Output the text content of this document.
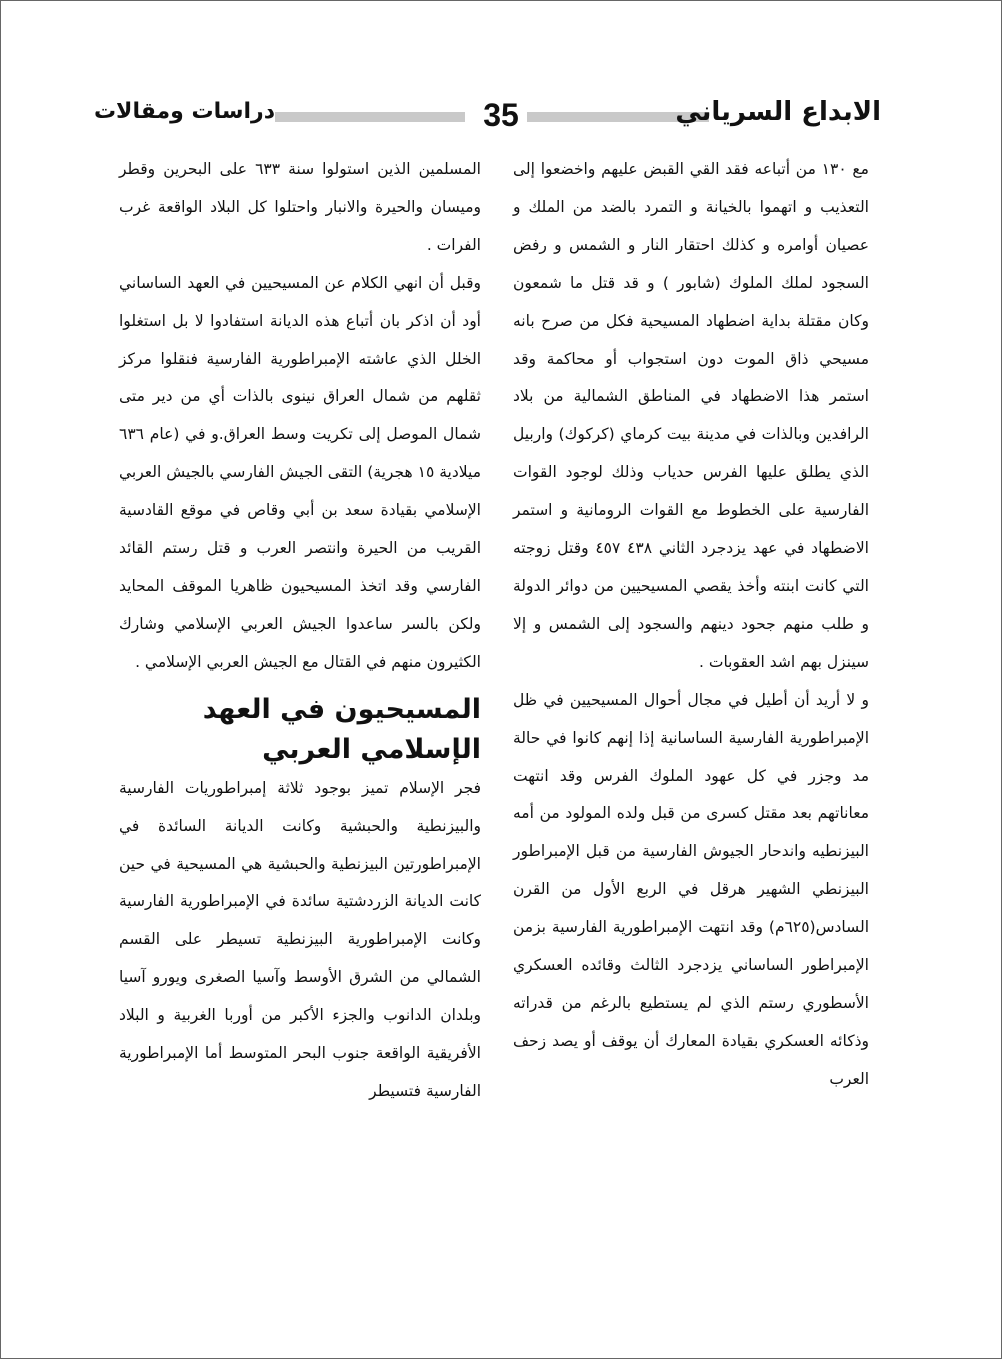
الابداع السرياني
35
دراسات ومقالات

مع ١٣٠ من أتباعه فقد القي القبض عليهم واخضعوا إلى التعذيب و اتهموا بالخيانة و التمرد بالضد من الملك و عصيان أوامره و كذلك احتقار النار و الشمس و رفض السجود لملك الملوك (شابور ) و قد قتل ما شمعون وكان مقتلة بداية اضطهاد المسيحية فكل من صرح بانه مسيحي ذاق الموت دون استجواب أو محاكمة وقد استمر هذا الاضطهاد في المناطق الشمالية من بلاد الرافدين وبالذات في مدينة بيت كرماي (كركوك) واربيل الذي يطلق عليها الفرس حدياب وذلك لوجود القوات الفارسية على الخطوط مع القوات الرومانية و استمر الاضطهاد في عهد يزدجرد الثاني ٤٣٨ ٤٥٧ وقتل زوجته التي كانت ابنته وأخذ يقصي المسيحيين من دوائر الدولة و طلب منهم جحود دينهم والسجود إلى الشمس و إلا سينزل بهم اشد العقوبات .

و لا أريد أن أطيل في مجال أحوال المسيحيين في ظل الإمبراطورية الفارسية الساسانية إذا إنهم كانوا في حالة مد وجزر في كل عهود الملوك الفرس وقد انتهت معاناتهم بعد مقتل كسرى من قبل ولده المولود من أمه البيزنطيه واندحار الجيوش الفارسية من قبل الإمبراطور البيزنطي الشهير هرقل في الربع الأول من القرن السادس(٦٢٥م) وقد انتهت الإمبراطورية الفارسية بزمن الإمبراطور الساساني يزدجرد الثالث وقائده العسكري الأسطوري رستم الذي لم يستطيع بالرغم من قدراته وذكائه العسكري بقيادة المعارك أن يوقف أو يصد زحف العرب

المسلمين الذين استولوا سنة ٦٣٣ على البحرين وقطر وميسان والحيرة والانبار واحتلوا كل البلاد الواقعة غرب الفرات .

وقبل أن انهي الكلام عن المسيحيين في العهد الساساني أود أن اذكر بان أتباع هذه الديانة استفادوا لا بل استغلوا الخلل الذي عاشته الإمبراطورية الفارسية فنقلوا مركز ثقلهم من شمال العراق نينوى بالذات أي من دير متى شمال الموصل إلى تكريت وسط العراق.و في (عام ٦٣٦ ميلادية ١٥ هجرية) التقى الجيش الفارسي بالجيش العربي الإسلامي بقيادة سعد بن أبي وقاص في موقع القادسية القريب من الحيرة وانتصر العرب و قتل رستم القائد الفارسي وقد اتخذ المسيحيون ظاهريا الموقف المحايد ولكن بالسر ساعدوا الجيش العربي الإسلامي وشارك الكثيرون منهم في القتال مع الجيش العربي الإسلامي .

المسيحيون في العهد الإسلامي العربي

فجر الإسلام تميز بوجود ثلاثة إمبراطوريات الفارسية والبيزنطية والحبشية وكانت الديانة السائدة في الإمبراطورتين البيزنطية والحبشية هي المسيحية في حين كانت الديانة الزردشتية سائدة في الإمبراطورية الفارسية وكانت الإمبراطورية البيزنطية تسيطر على القسم الشمالي من الشرق الأوسط وآسيا الصغرى ويورو آسيا وبلدان الدانوب والجزء الأكبر من أوربا الغربية و البلاد الأفريقية الواقعة جنوب البحر المتوسط أما الإمبراطورية الفارسية فتسيطر
